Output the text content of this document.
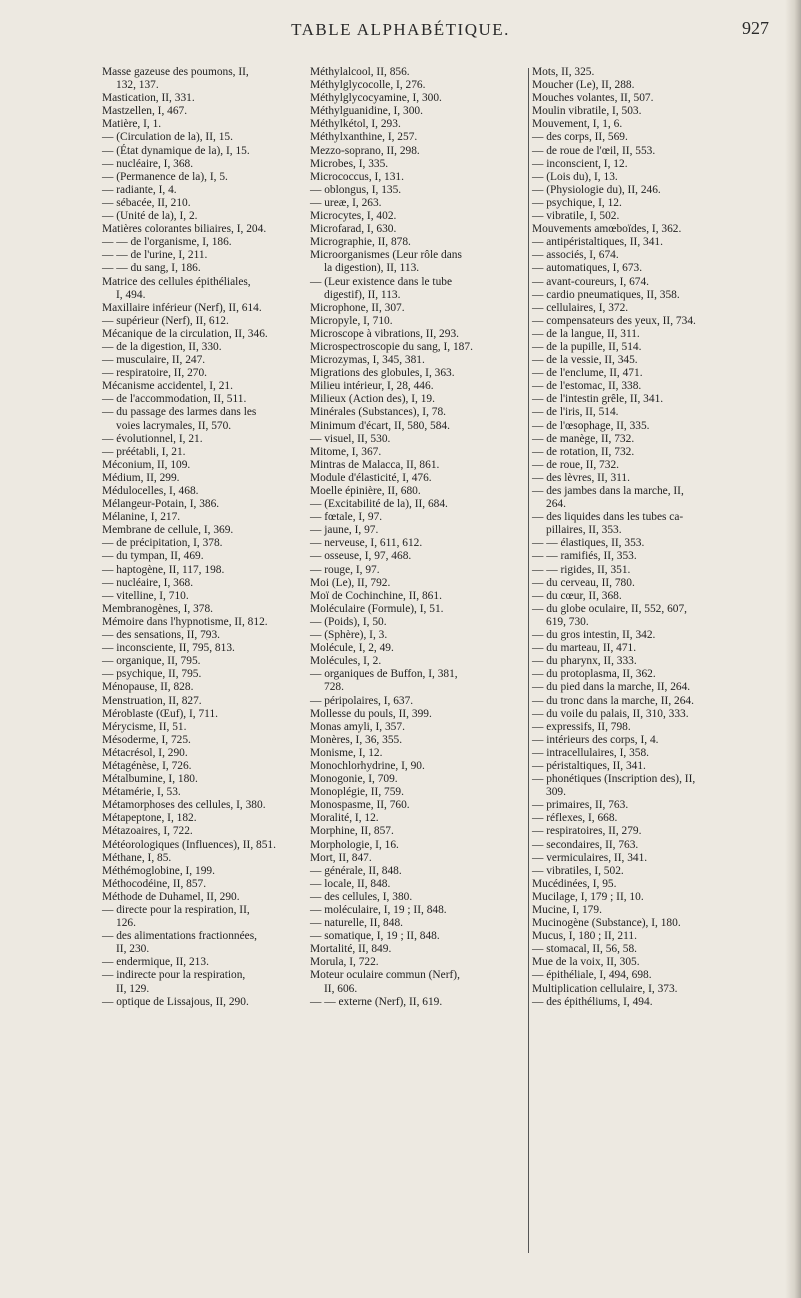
TABLE ALPHABÉTIQUE.	927
Masse gazeuse des poumons, II,
132, 137.
Mastication, II, 331.
Mastzellen, I, 467.
Matière, I, 1.
— (Circulation de la), II, 15.
— (État dynamique de la), I, 15.
— nucléaire, I, 368.
— (Permanence de la), I, 5.
— radiante, I, 4.
— sébacée, II, 210.
— (Unité de la), I, 2.
Matières colorantes biliaires, I, 204.
— — de l'organisme, I, 186.
— — de l'urine, I, 211.
— — du sang, I, 186.
Matrice des cellules épithéliales,
I, 494.
Maxillaire inférieur (Nerf), II, 614.
— supérieur (Nerf), II, 612.
Mécanique de la circulation, II, 346.
— de la digestion, II, 330.
— musculaire, II, 247.
— respiratoire, II, 270.
Mécanisme accidentel, I, 21.
— de l'accommodation, II, 511.
— du passage des larmes dans les
voies lacrymales, II, 570.
— évolutionnel, I, 21.
— préétabli, I, 21.
Méconium, II, 109.
Médium, II, 299.
Médulocelles, I, 468.
Mélangeur-Potain, I, 386.
Mélanine, I, 217.
Membrane de cellule, I, 369.
— de précipitation, I, 378.
— du tympan, II, 469.
— haptogène, II, 117, 198.
— nucléaire, I, 368.
— vitelline, I, 710.
Membranogènes, I, 378.
Mémoire dans l'hypnotisme, II, 812.
— des sensations, II, 793.
— inconsciente, II, 795, 813.
— organique, II, 795.
— psychique, II, 795.
Ménopause, II, 828.
Menstruation, II, 827.
Méroblaste (Œuf), I, 711.
Mérycisme, II, 51.
Mésoderme, I, 725.
Métacrésol, I, 290.
Métagénèse, I, 726.
Métalbumine, I, 180.
Métamérie, I, 53.
Métamorphoses des cellules, I, 380.
Métapeptone, I, 182.
Métazoaires, I, 722.
Météorologiques (Influences), II, 851.
Méthane, I, 85.
Méthémoglobine, I, 199.
Méthocodéine, II, 857.
Méthode de Duhamel, II, 290.
— directe pour la respiration, II,
126.
— des alimentations fractionnées,
II, 230.
— endermique, II, 213.
— indirecte pour la respiration,
II, 129.
— optique de Lissajous, II, 290.
Méthylalcool, II, 856.
Méthylglycocolle, I, 276.
Méthylglycocyamine, I, 300.
Méthylguanidine, I, 300.
Méthylkétol, I, 293.
Méthylxanthine, I, 257.
Mezzo-soprano, II, 298.
Microbes, I, 335.
Micrococcus, I, 131.
— oblongus, I, 135.
— ureæ, I, 263.
Microcytes, I, 402.
Microfarad, I, 630.
Micrographie, II, 878.
Microorganismes (Leur rôle dans
la digestion), II, 113.
— (Leur existence dans le tube
digestif), II, 113.
Microphone, II, 307.
Micropyle, I, 710.
Microscope à vibrations, II, 293.
Microspectroscopie du sang, I, 187.
Microzymas, I, 345, 381.
Migrations des globules, I, 363.
Milieu intérieur, I, 28, 446.
Milieux (Action des), I, 19.
Minérales (Substances), I, 78.
Minimum d'écart, II, 580, 584.
— visuel, II, 530.
Mitome, I, 367.
Mintras de Malacca, II, 861.
Module d'élasticité, I, 476.
Moelle épinière, II, 680.
— (Excitabilité de la), II, 684.
— fœtale, I, 97.
— jaune, I, 97.
— nerveuse, I, 611, 612.
— osseuse, I, 97, 468.
— rouge, I, 97.
Moi (Le), II, 792.
Moï de Cochinchine, II, 861.
Moléculaire (Formule), I, 51.
— (Poids), I, 50.
— (Sphère), I, 3.
Molécule, I, 2, 49.
Molécules, I, 2.
— organiques de Buffon, I, 381,
728.
— péripolaires, I, 637.
Mollesse du pouls, II, 399.
Monas amyli, I, 357.
Monères, I, 36, 355.
Monisme, I, 12.
Monochlorhydrine, I, 90.
Monogonie, I, 709.
Monoplégie, II, 759.
Monospasme, II, 760.
Moralité, I, 12.
Morphine, II, 857.
Morphologie, I, 16.
Mort, II, 847.
— générale, II, 848.
— locale, II, 848.
— des cellules, I, 380.
— moléculaire, I, 19 ; II, 848.
— naturelle, II, 848.
— somatique, I, 19 ; II, 848.
Mortalité, II, 849.
Morula, I, 722.
Moteur oculaire commun (Nerf),
II, 606.
— — externe (Nerf), II, 619.
Mots, II, 325.
Moucher (Le), II, 288.
Mouches volantes, II, 507.
Moulin vibratile, I, 503.
Mouvement, I, 1, 6.
— des corps, II, 569.
— de roue de l'œil, II, 553.
— inconscient, I, 12.
— (Lois du), I, 13.
— (Physiologie du), II, 246.
— psychique, I, 12.
— vibratile, I, 502.
Mouvements amœboïdes, I, 362.
— antipéristaltiques, II, 341.
— associés, I, 674.
— automatiques, I, 673.
— avant-coureurs, I, 674.
— cardio pneumatiques, II, 358.
— cellulaires, I, 372.
— compensateurs des yeux, II, 734.
— de la langue, II, 311.
— de la pupille, II, 514.
— de la vessie, II, 345.
— de l'enclume, II, 471.
— de l'estomac, II, 338.
— de l'intestin grêle, II, 341.
— de l'iris, II, 514.
— de l'œsophage, II, 335.
— de manège, II, 732.
— de rotation, II, 732.
— de roue, II, 732.
— des lèvres, II, 311.
— des jambes dans la marche, II,
264.
— des liquides dans les tubes ca-
pillaires, II, 353.
— — élastiques, II, 353.
— — ramifiés, II, 353.
— — rigides, II, 351.
— du cerveau, II, 780.
— du cœur, II, 368.
— du globe oculaire, II, 552, 607,
619, 730.
— du gros intestin, II, 342.
— du marteau, II, 471.
— du pharynx, II, 333.
— du protoplasma, II, 362.
— du pied dans la marche, II, 264.
— du tronc dans la marche, II, 264.
— du voile du palais, II, 310, 333.
— expressifs, II, 798.
— intérieurs des corps, I, 4.
— intracellulaires, I, 358.
— péristaltiques, II, 341.
— phonétiques (Inscription des), II,
309.
— primaires, II, 763.
— réflexes, I, 668.
— respiratoires, II, 279.
— secondaires, II, 763.
— vermiculaires, II, 341.
— vibratiles, I, 502.
Mucédinées, I, 95.
Mucilage, I, 179 ; II, 10.
Mucine, I, 179.
Mucinogène (Substance), I, 180.
Mucus, I, 180 ; II, 211.
— stomacal, II, 56, 58.
Mue de la voix, II, 305.
— épithéliale, I, 494, 698.
Multiplication cellulaire, I, 373.
— des épithéliums, I, 494.
